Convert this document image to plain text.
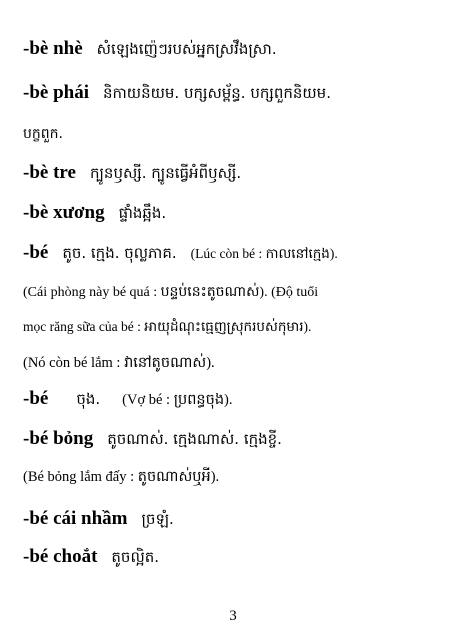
-bè nhè សំឡេងញ៉េៗរបស់អ្នកស្រវឹងស្រា.
-bè phái និកាយនិយម. បក្សសម្ព័ន្ធ. បក្សពួកនិយម.
បក្ខពួក.
-bè tre ក្បូនឫស្សី. ក្បូនធ្វើអំពីឫស្សី.
-bè xương ផ្ទាំងឆ្អឹង.
-bé តូច. ក្មេង. ចុល្លភាគ. (Lúc còn bé : កាលនៅក្មេង).
(Cái phòng này bé quá : បន្ទប់នេះតូចណាស់). (Độ tuổi
mọc răng sữa của bé : អាយុដំណុះធ្មេញស្រុករបស់កុមារ).
(Nó còn bé lắm : វានៅតូចណាស់).
-bé ចុង. (Vợ bé : ប្រពន្ធចុង).
-bé bỏng តូចណាស់. ក្មេងណាស់. ក្មេងខ្ចី.
(Bé bỏng lắm đấy : តូចណាស់ឬអី).
-bé cái nhầm ច្រឡំ.
-bé choắt តូចល្អិត.
3
